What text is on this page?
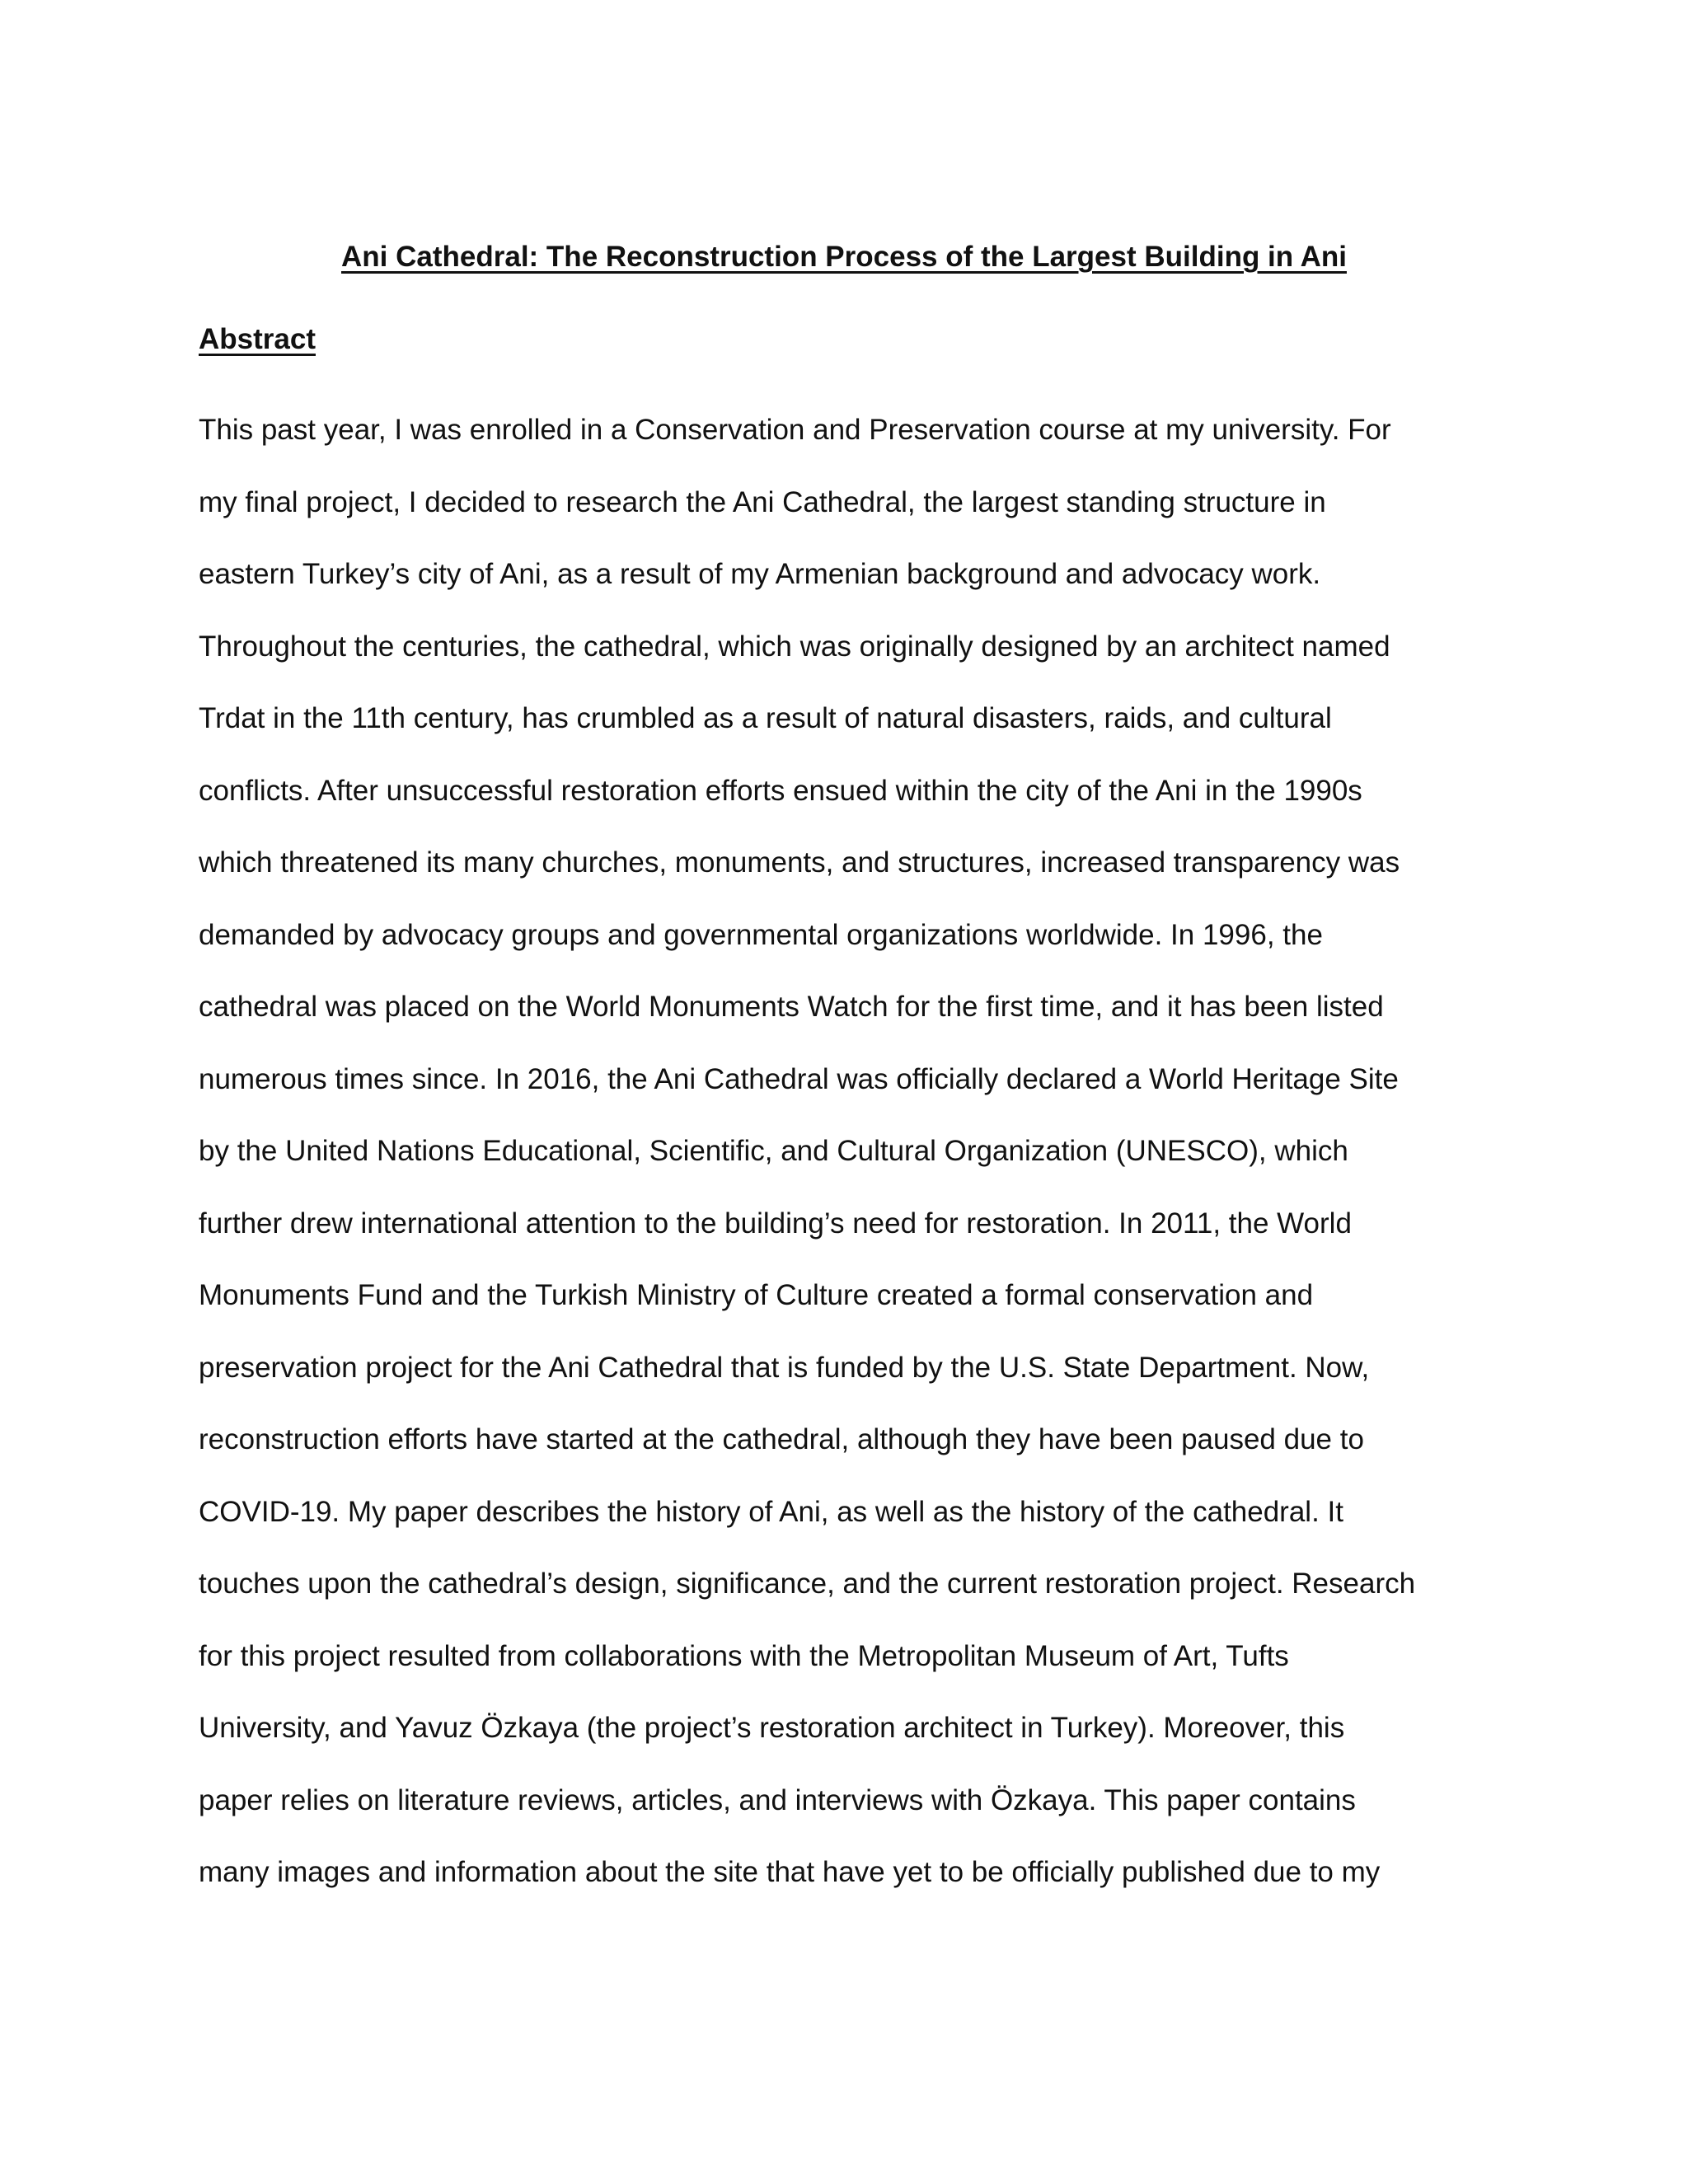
Ani Cathedral: The Reconstruction Process of the Largest Building in Ani
Abstract
This past year, I was enrolled in a Conservation and Preservation course at my university. For
my final project, I decided to research the Ani Cathedral, the largest standing structure in
eastern Turkey’s city of Ani, as a result of my Armenian background and advocacy work.
Throughout the centuries, the cathedral, which was originally designed by an architect named
Trdat in the 11th century, has crumbled as a result of natural disasters, raids, and cultural
conflicts. After unsuccessful restoration efforts ensued within the city of the Ani in the 1990s
which threatened its many churches, monuments, and structures, increased transparency was
demanded by advocacy groups and governmental organizations worldwide. In 1996, the
cathedral was placed on the World Monuments Watch for the first time, and it has been listed
numerous times since. In 2016, the Ani Cathedral was officially declared a World Heritage Site
by the United Nations Educational, Scientific, and Cultural Organization (UNESCO), which
further drew international attention to the building’s need for restoration. In 2011, the World
Monuments Fund and the Turkish Ministry of Culture created a formal conservation and
preservation project for the Ani Cathedral that is funded by the U.S. State Department. Now,
reconstruction efforts have started at the cathedral, although they have been paused due to
COVID-19. My paper describes the history of Ani, as well as the history of the cathedral. It
touches upon the cathedral’s design, significance, and the current restoration project. Research
for this project resulted from collaborations with the Metropolitan Museum of Art, Tufts
University, and Yavuz Özkaya (the project’s restoration architect in Turkey). Moreover, this
paper relies on literature reviews, articles, and interviews with Özkaya. This paper contains
many images and information about the site that have yet to be officially published due to my
